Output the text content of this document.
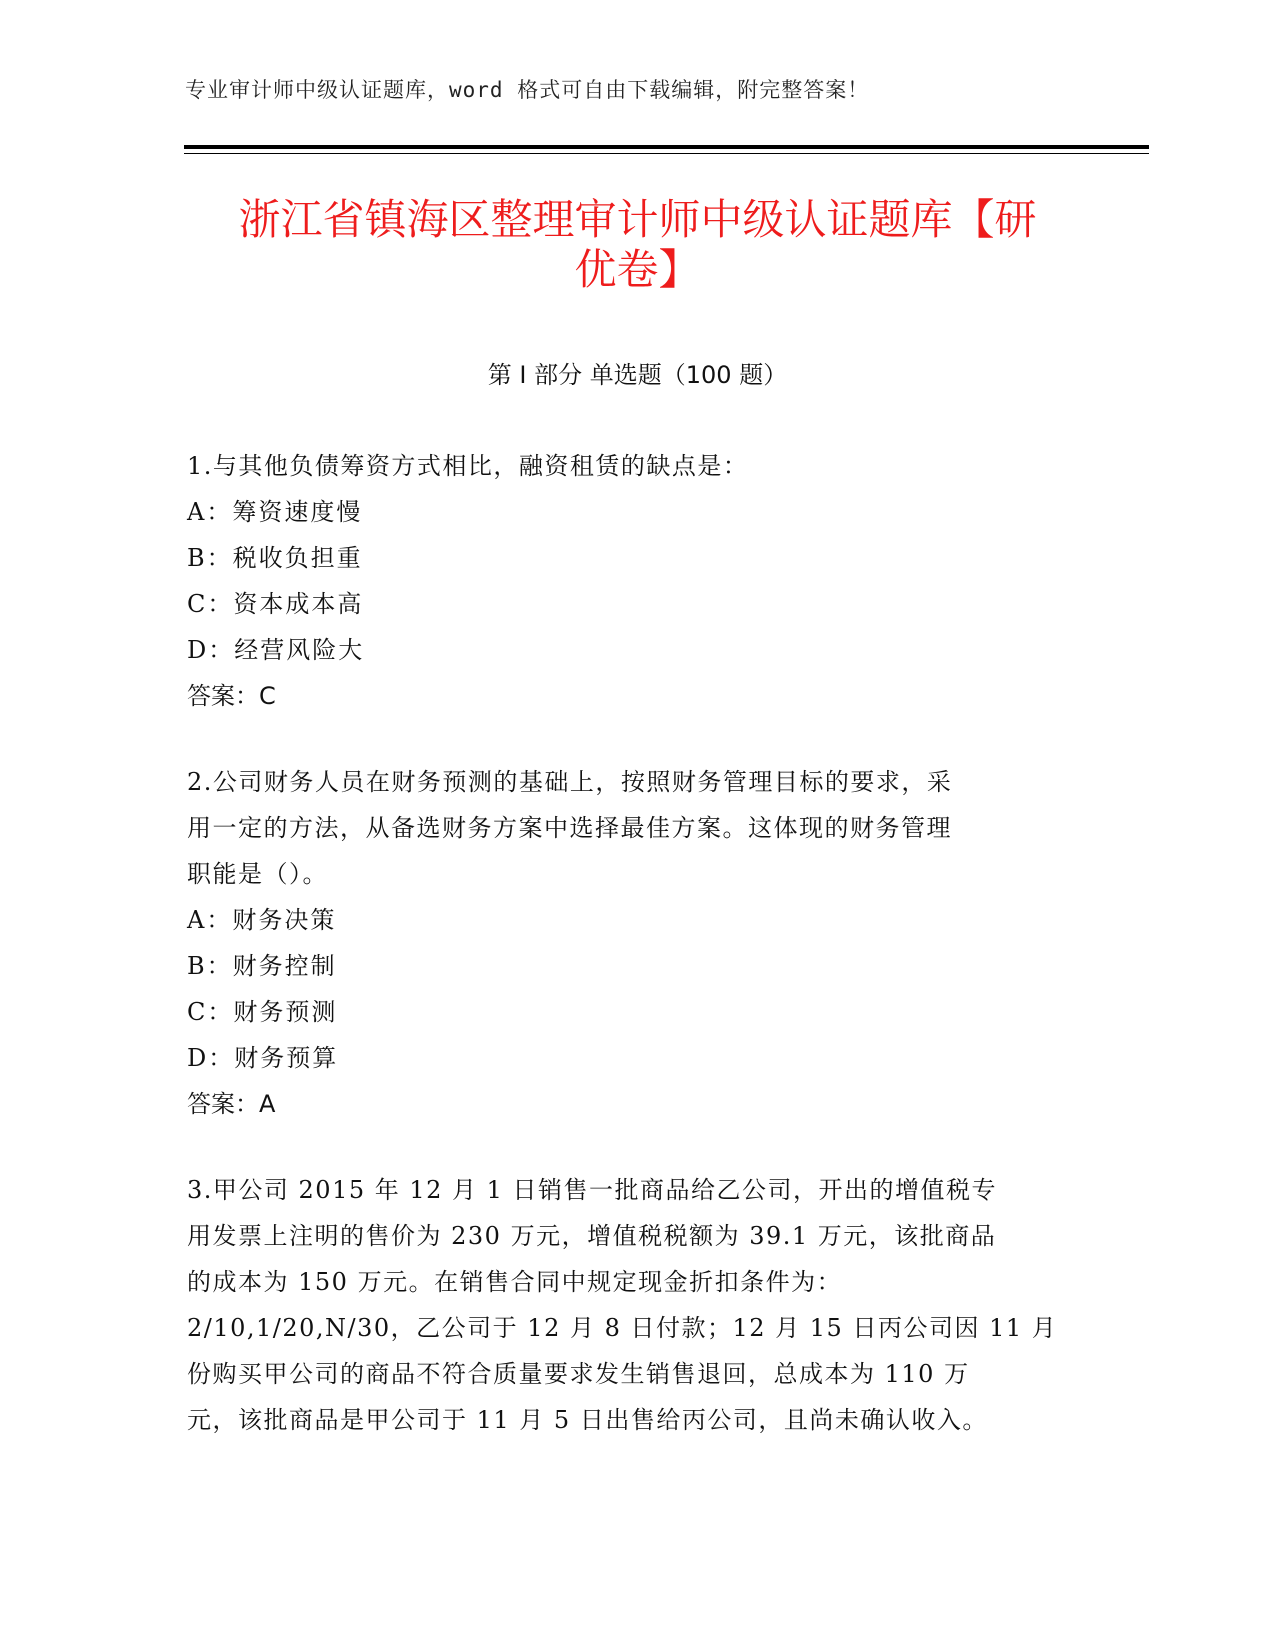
专业审计师中级认证题库，word 格式可自由下载编辑，附完整答案！
浙江省镇海区整理审计师中级认证题库【研
优卷】
第 I 部分 单选题（100 题）

1.与其他负债筹资方式相比，融资租赁的缺点是：

A：筹资速度慢

B：税收负担重

C：资本成本高

D：经营风险大

答案：C

2.公司财务人员在财务预测的基础上，按照财务管理目标的要求，采

用一定的方法，从备选财务方案中选择最佳方案。这体现的财务管理

职能是（）。

A：财务决策

B：财务控制

C：财务预测

D：财务预算

答案：A

3.甲公司 2015 年 12 月 1 日销售一批商品给乙公司，开出的增值税专

用发票上注明的售价为 230 万元，增值税税额为 39.1 万元，该批商品

的成本为 150 万元。在销售合同中规定现金折扣条件为：

2/10,1/20,N/30，乙公司于 12 月 8 日付款；12 月 15 日丙公司因 11 月

份购买甲公司的商品不符合质量要求发生销售退回，总成本为 110 万

元，该批商品是甲公司于 11 月 5 日出售给丙公司，且尚未确认收入。
